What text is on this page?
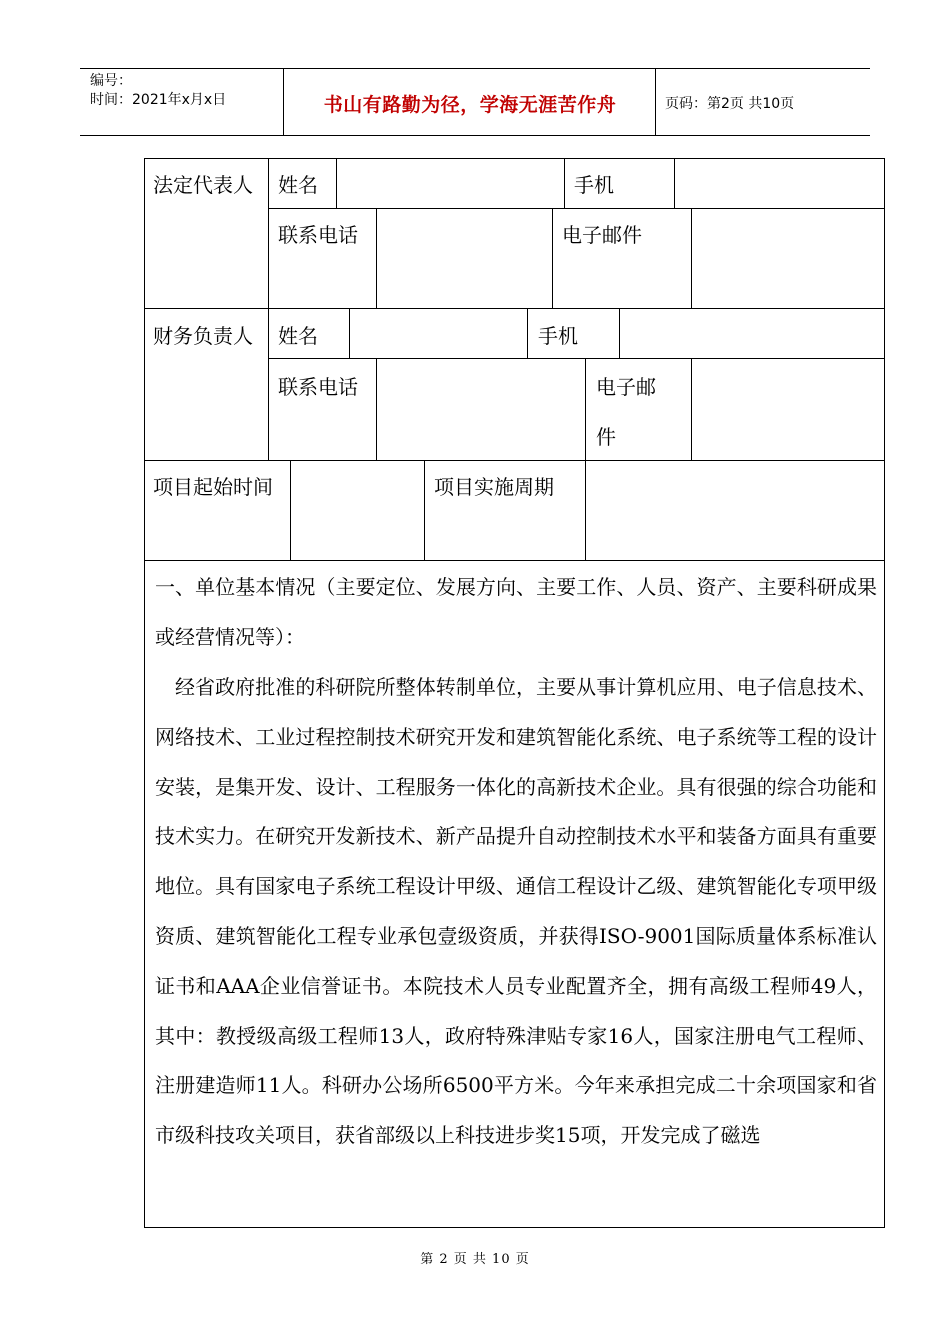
编号：
时间：2021年x月x日	书山有路勤为径，学海无涯苦作舟	页码：第2页 共10页
法定代表人 姓名	手机
联系电话	电子邮件
财务负责人 姓名	手机
联系电话	电子邮件
项目起始时间	项目实施周期
一、单位基本情况（主要定位、发展方向、主要工作、人员、资产、主要科研成果或经营情况等）：
经省政府批准的科研院所整体转制单位，主要从事计算机应用、电子信息技术、网络技术、工业过程控制技术研究开发和建筑智能化系统、电子系统等工程的设计安装，是集开发、设计、工程服务一体化的高新技术企业。具有很强的综合功能和技术实力。在研究开发新技术、新产品提升自动控制技术水平和装备方面具有重要地位。具有国家电子系统工程设计甲级、通信工程设计乙级、建筑智能化专项甲级资质、建筑智能化工程专业承包壹级资质，并获得ISO-9001国际质量体系标准认证书和AAA企业信誉证书。本院技术人员专业配置齐全，拥有高级工程师49人，其中：教授级高级工程师13人，政府特殊津贴专家16人，国家注册电气工程师、注册建造师11人。科研办公场所6500平方米。今年来承担完成二十余项国家和省市级科技攻关项目，获省部级以上科技进步奖15项，开发完成了磁选
第 2 页 共 10 页
